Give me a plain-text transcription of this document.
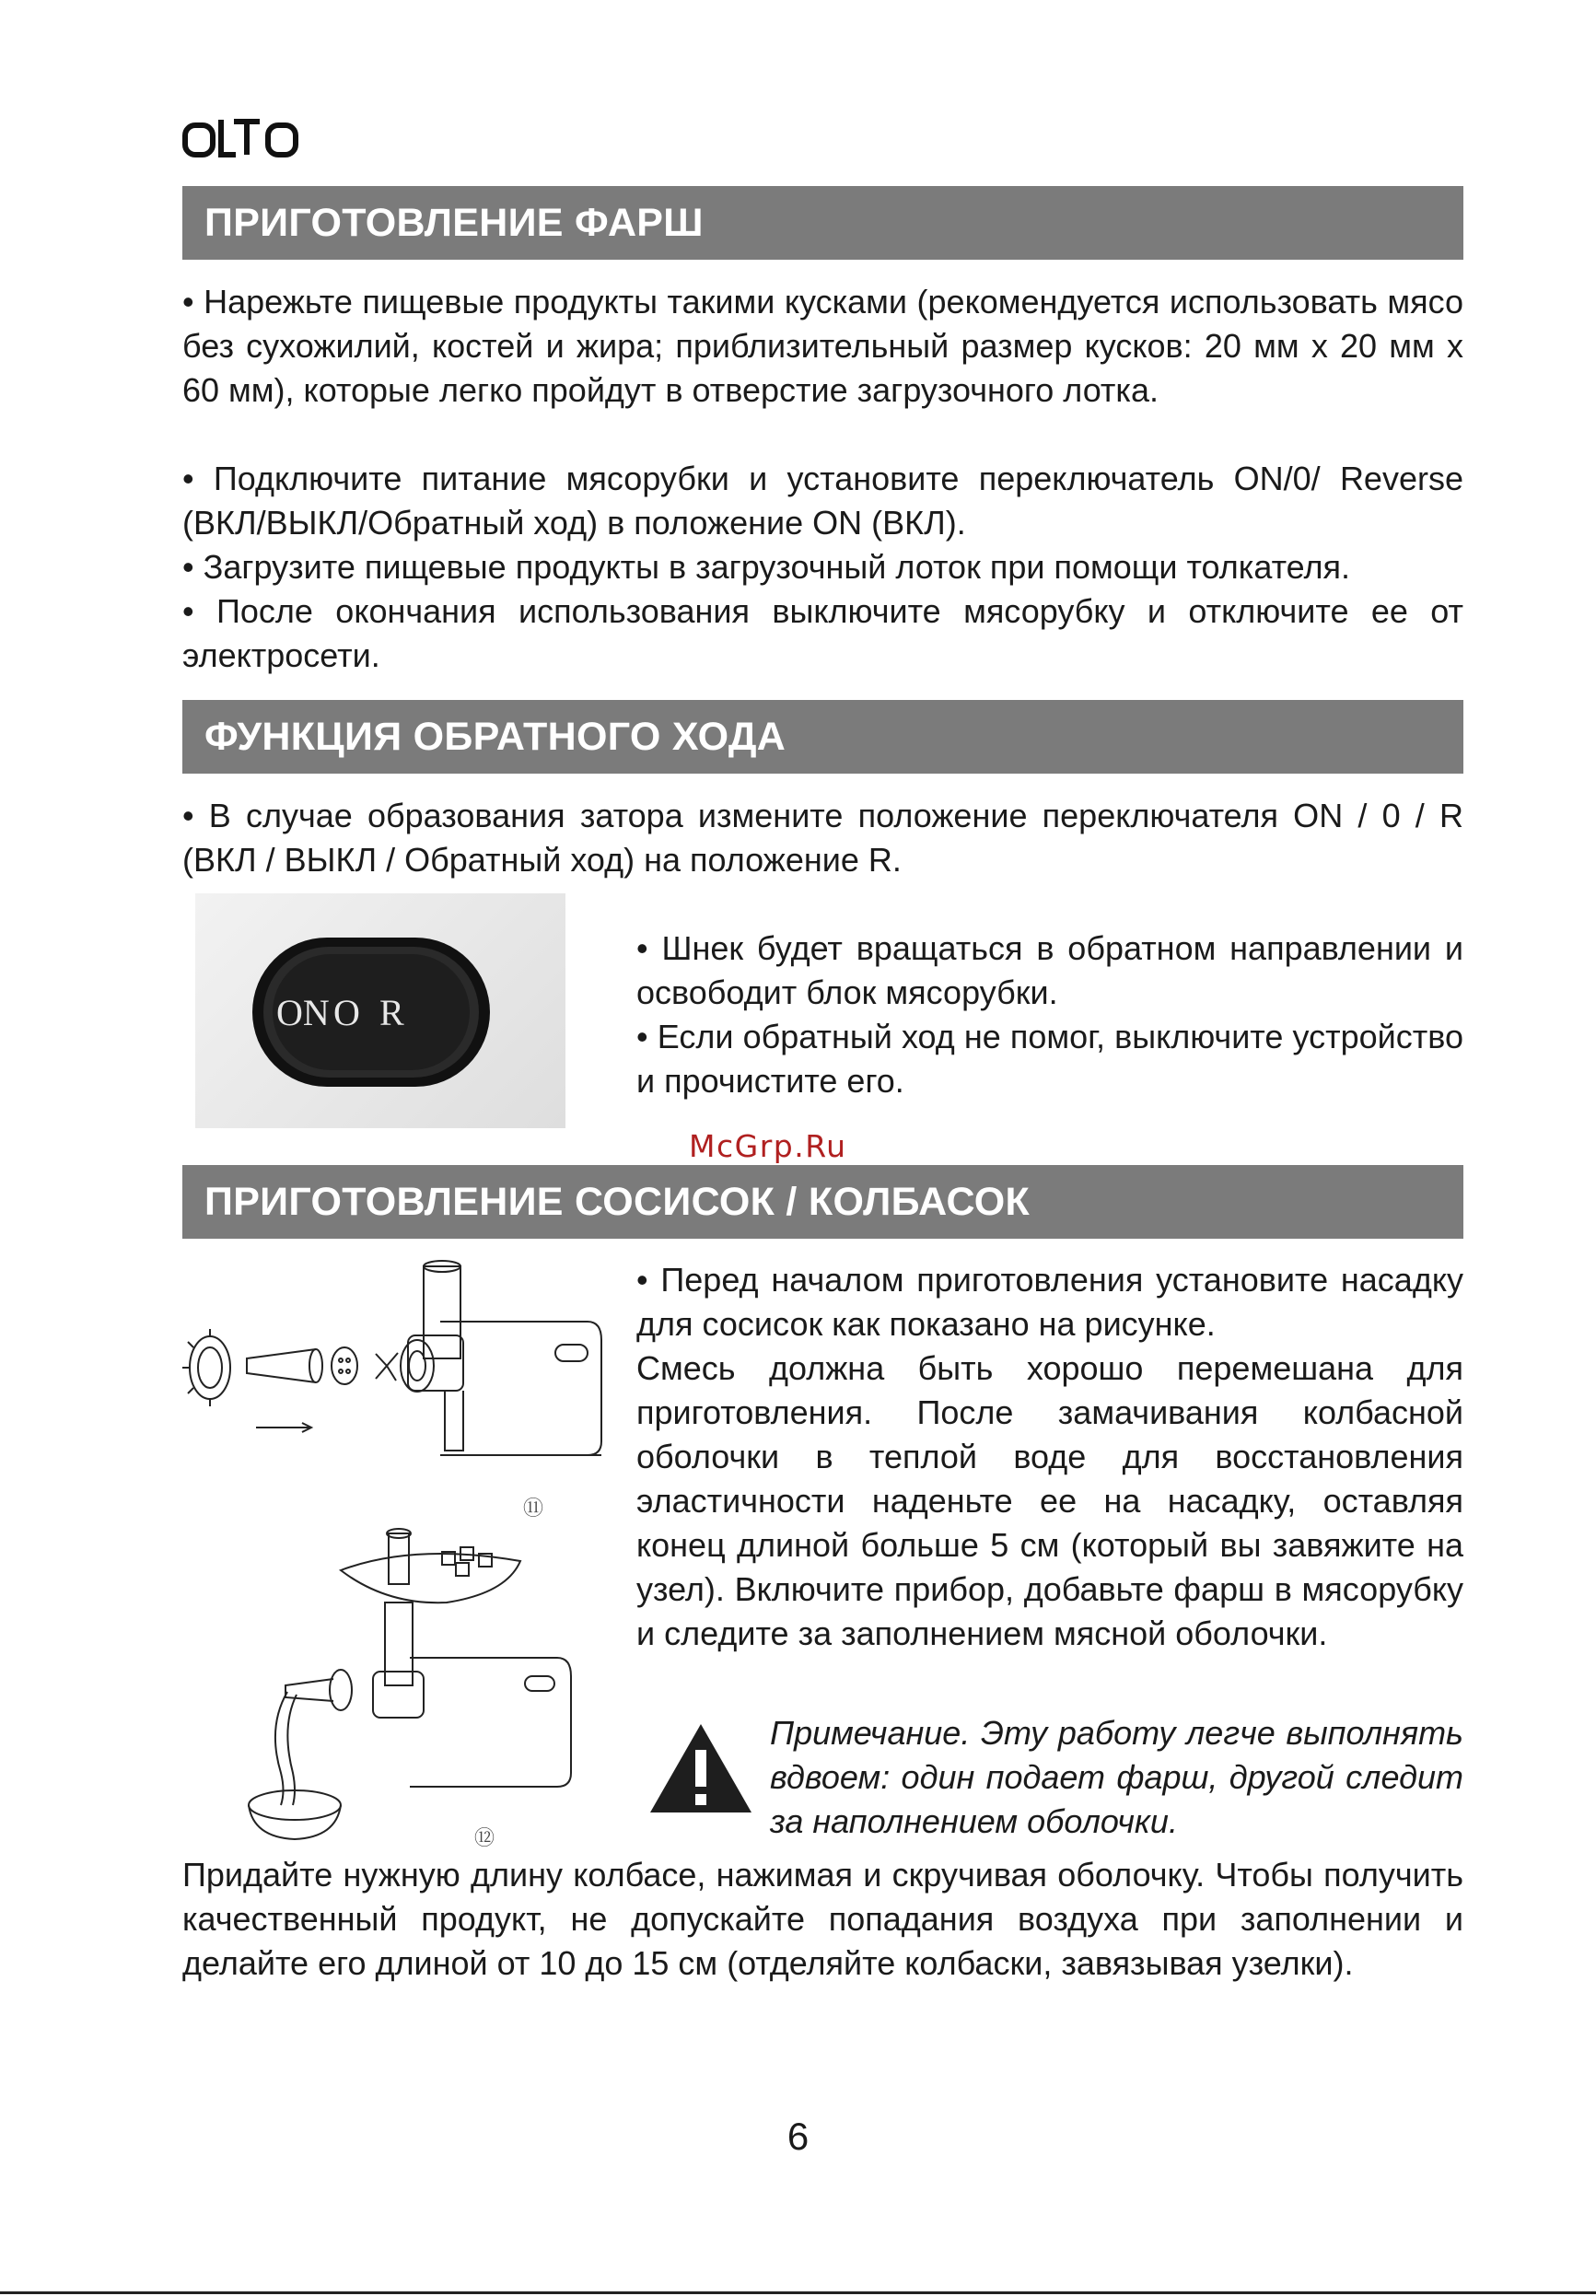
ПРИГОТОВЛЕНИЕ ФАРШ

• Нарежьте пищевые продукты такими кусками (рекомендуется использовать мясо без сухожилий, костей и жира; приблизительный размер кусков: 20 мм x 20 мм x 60 мм), которые легко пройдут в отверстие загрузочного лотка.

• Подключите питание мясорубки и установите переключатель ON/0/ Reverse (ВКЛ/ВЫКЛ/Обратный ход) в положение ON (ВКЛ).

• Загрузите пищевые продукты в загрузочный лоток при помощи толкателя.

• После окончания использования выключите мясорубку и отключите ее от электросети.

ФУНКЦИЯ ОБРАТНОГО ХОДА

• В случае образования затора измените положение переключателя ON / 0 / R (ВКЛ / ВЫКЛ / Обратный ход) на положение R.

ON O R

• Шнек будет вращаться в обратном направлении и освободит блок мясорубки.

• Если обратный ход не помог, выключите устройство и прочистите его.

McGrp.Ru
ПРИГОТОВЛЕНИЕ СОСИСОК / КОЛБАСОК
⑪
⑫

• Перед началом приготовления установите насадку для сосисок как показано на рисунке.

Смесь должна быть хорошо перемешана для приготовления. После замачивания колбасной оболочки в теплой воде для восстановления эластичности наденьте ее на насадку, оставляя конец длиной больше 5 см (который вы завяжите на узел). Включите прибор, добавьте фарш в мясорубку и следите за заполнением мясной оболочки.

Примечание. Эту работу легче выполнять вдвоем: один подает фарш, другой следит за наполнением оболочки.

Придайте нужную длину колбасе, нажимая и скручивая оболочку. Чтобы получить качественный продукт, не допускайте попадания воздуха при заполнении и делайте его длиной от 10 до 15 см (отделяйте колбаски, завязывая узелки).

6
